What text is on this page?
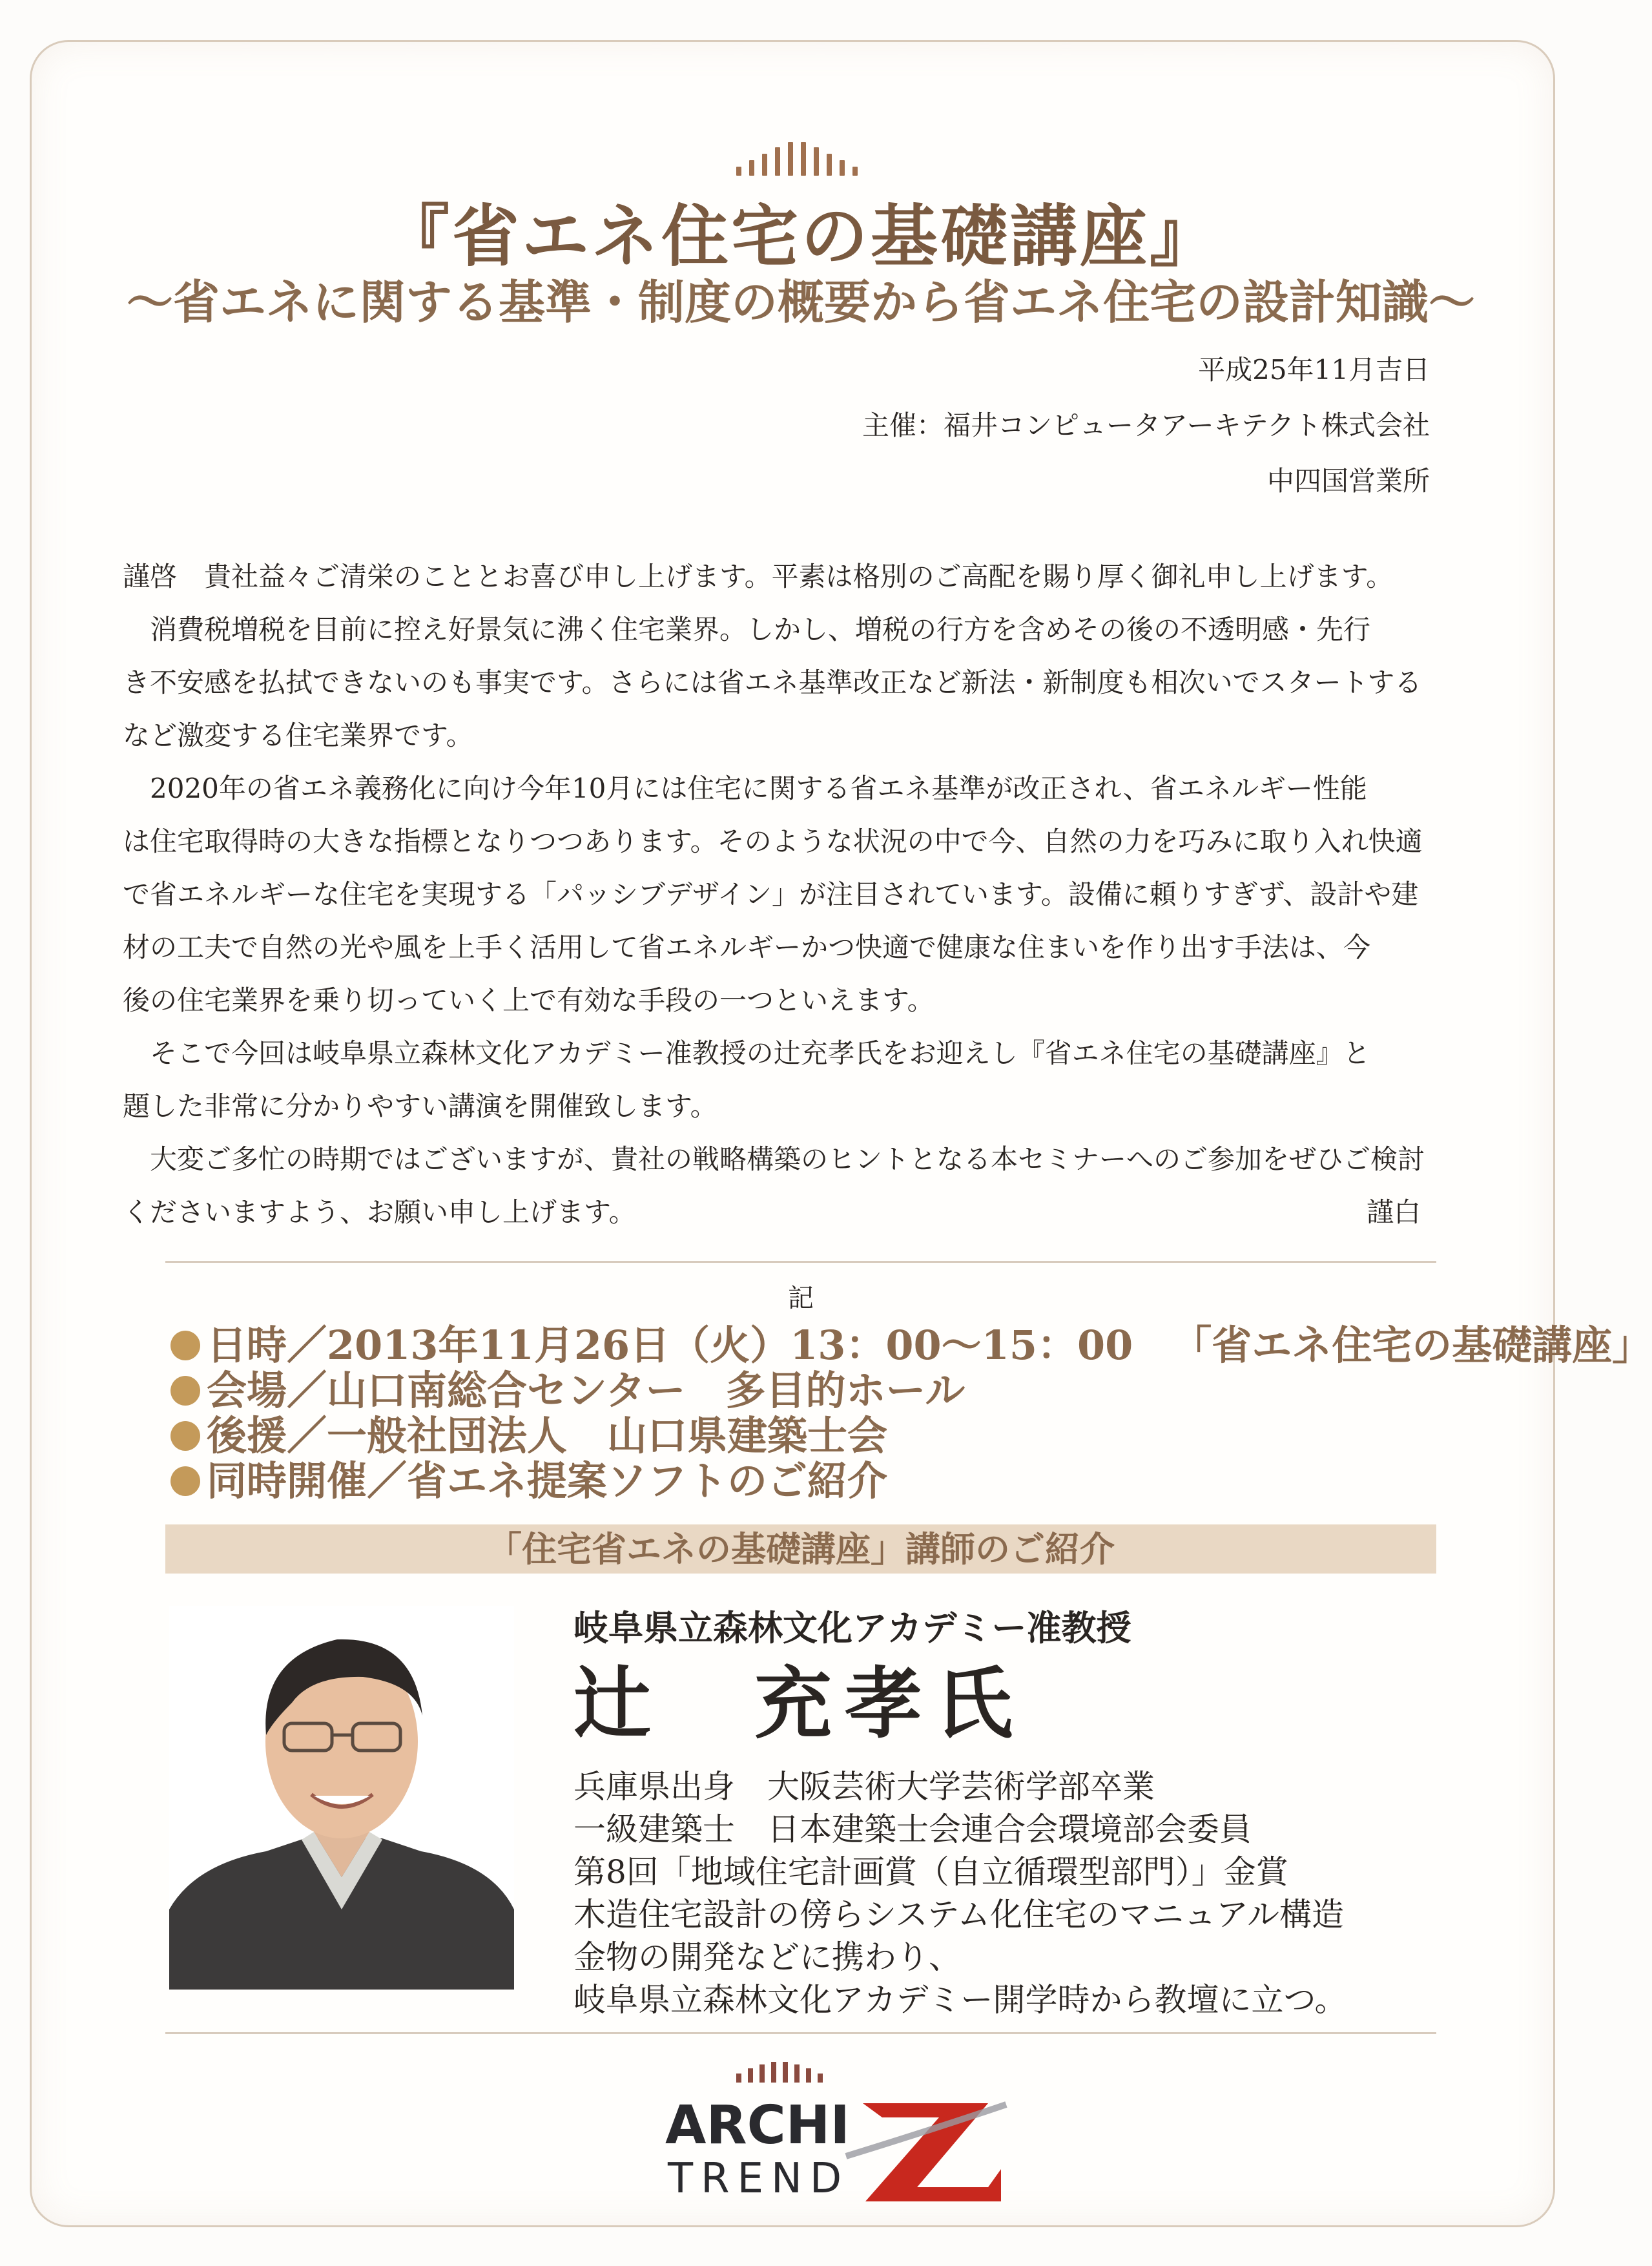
『省エネ住宅の基礎講座』
～省エネに関する基準・制度の概要から省エネ住宅の設計知識～
平成25年11月吉日
主催：福井コンピュータアーキテクト株式会社
中四国営業所

謹啓　貴社益々ご清栄のこととお喜び申し上げます。平素は格別のご高配を賜り厚く御礼申し上げます。

消費税増税を目前に控え好景気に沸く住宅業界。しかし、増税の行方を含めその後の不透明感・先行

き不安感を払拭できないのも事実です。さらには省エネ基準改正など新法・新制度も相次いでスタートする

など激変する住宅業界です。

2020年の省エネ義務化に向け今年10月には住宅に関する省エネ基準が改正され、省エネルギー性能

は住宅取得時の大きな指標となりつつあります。そのような状況の中で今、自然の力を巧みに取り入れ快適

で省エネルギーな住宅を実現する「パッシブデザイン」が注目されています。設備に頼りすぎず、設計や建

材の工夫で自然の光や風を上手く活用して省エネルギーかつ快適で健康な住まいを作り出す手法は、今

後の住宅業界を乗り切っていく上で有効な手段の一つといえます。

そこで今回は岐阜県立森林文化アカデミー准教授の辻充孝氏をお迎えし『省エネ住宅の基礎講座』と

題した非常に分かりやすい講演を開催致します。

大変ご多忙の時期ではございますが、貴社の戦略構築のヒントとなる本セミナーへのご参加をぜひご検討

くださいますよう、お願い申し上げます。	謹白
記
日時／2013年11月26日（火）13：00～15：00 「省エネ住宅の基礎講座」
会場／山口南総合センター　多目的ホール
後援／一般社団法人　山口県建築士会
同時開催／省エネ提案ソフトのご紹介
「住宅省エネの基礎講座」講師のご紹介
岐阜県立森林文化アカデミー准教授
辻　充孝氏
兵庫県出身　大阪芸術大学芸術学部卒業
一級建築士　日本建築士会連合会環境部会委員
第8回「地域住宅計画賞（自立循環型部門）」金賞
木造住宅設計の傍らシステム化住宅のマニュアル構造
金物の開発などに携わり、
岐阜県立森林文化アカデミー開学時から教壇に立つ。
ARCHI
TREND
